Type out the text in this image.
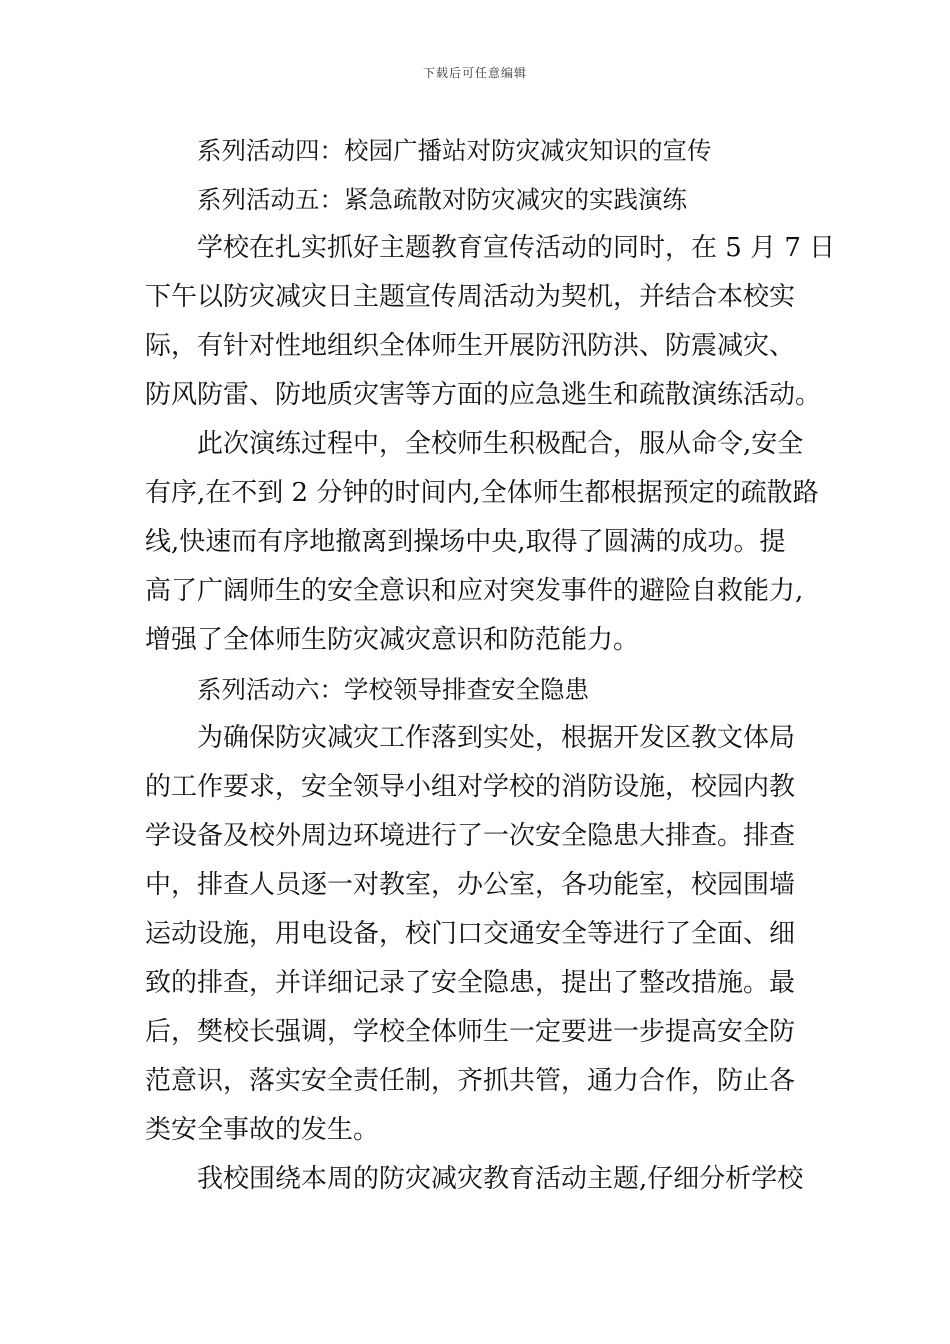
下载后可任意编辑
系列活动四：校园广播站对防灾减灾知识的宣传
系列活动五：紧急疏散对防灾减灾的实践演练
学校在扎实抓好主题教育宣传活动的同时，在 5 月 7 日
下午以防灾减灾日主题宣传周活动为契机，并结合本校实
际，有针对性地组织全体师生开展防汛防洪、防震减灾、
防风防雷、防地质灾害等方面的应急逃生和疏散演练活动。
此次演练过程中，全校师生积极配合，服从命令,安全
有序,在不到 2 分钟的时间内,全体师生都根据预定的疏散路
线,快速而有序地撤离到操场中央,取得了圆满的成功。提
高了广阔师生的安全意识和应对突发事件的避险自救能力,
增强了全体师生防灾减灾意识和防范能力。
系列活动六：学校领导排查安全隐患
为确保防灾减灾工作落到实处，根据开发区教文体局
的工作要求，安全领导小组对学校的消防设施，校园内教
学设备及校外周边环境进行了一次安全隐患大排查。排查
中，排查人员逐一对教室，办公室，各功能室，校园围墙
运动设施，用电设备，校门口交通安全等进行了全面、细
致的排查，并详细记录了安全隐患，提出了整改措施。最
后，樊校长强调，学校全体师生一定要进一步提高安全防
范意识，落实安全责任制，齐抓共管，通力合作，防止各
类安全事故的发生。
我校围绕本周的防灾减灾教育活动主题,仔细分析学校
